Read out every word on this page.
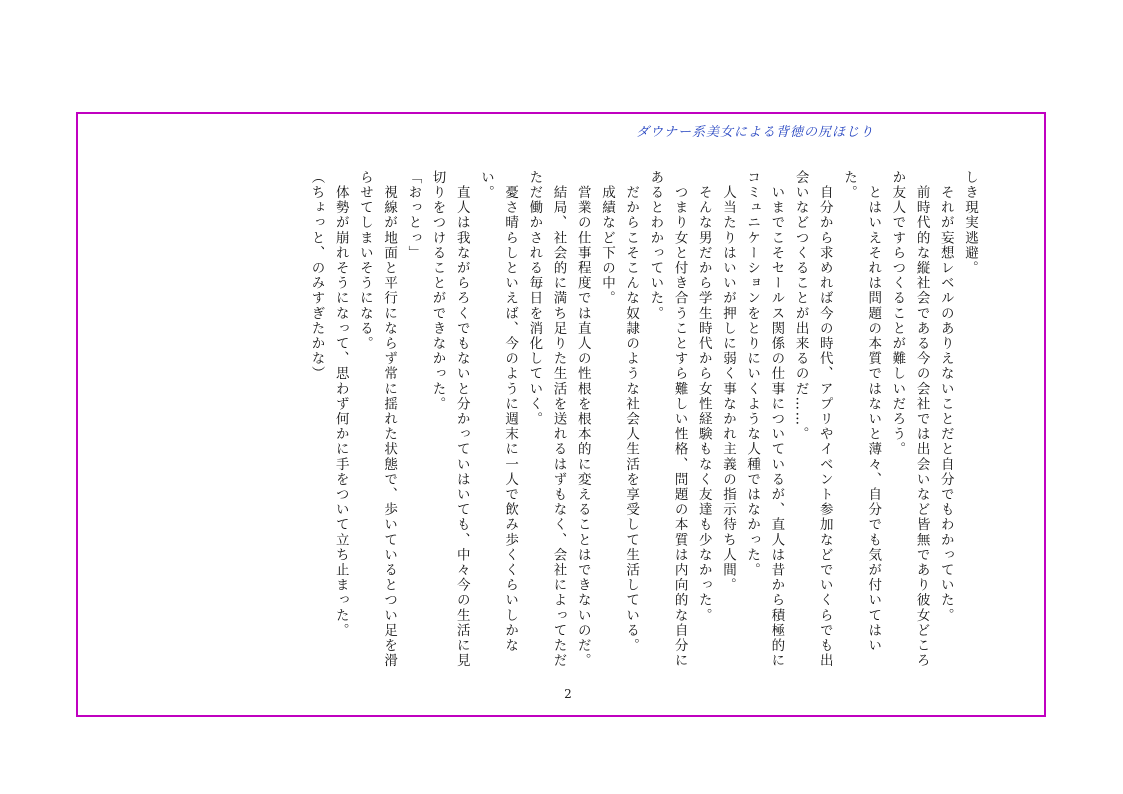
ダウナー系美女による背徳の尻ほじり

しき現実逃避。

　それが妄想レベルのありえないことだと自分でもわかっていた。

　前時代的な縦社会である今の会社では出会いなど皆無であり彼女どころか友人ですらつくることが難しいだろう。

　とはいえそれは問題の本質ではないと薄々、自分でも気が付いてはいた。

　自分から求めれば今の時代、アプリやイベント参加などでいくらでも出会いなどつくることが出来るのだ……。

　いまでこそセールス関係の仕事についているが、直人は昔から積極的にコミュニケーションをとりにいくような人種ではなかった。

　人当たりはいいが押しに弱く事なかれ主義の指示待ち人間。

　そんな男だから学生時代から女性経験もなく友達も少なかった。

　つまり女と付き合うことすら難しい性格、問題の本質は内向的な自分にあるとわかっていた。

　だからこそこんな奴隷のような社会人生活を享受して生活している。

　成績など下の中。

　営業の仕事程度では直人の性根を根本的に変えることはできないのだ。

　結局、社会的に満ち足りた生活を送れるはずもなく、会社によってただただ働かされる毎日を消化していく。

　憂さ晴らしといえば、今のように週末に一人で飲み歩くくらいしかない。

　直人は我ながらろくでもないと分かっていはいても、中々今の生活に見切りをつけることができなかった。

「おっとっ」

　視線が地面と平行にならず常に揺れた状態で、歩いているとつい足を滑らせてしまいそうになる。

　体勢が崩れそうになって、思わず何かに手をついて立ち止まった。

（ちょっと、のみすぎたかな）

2
